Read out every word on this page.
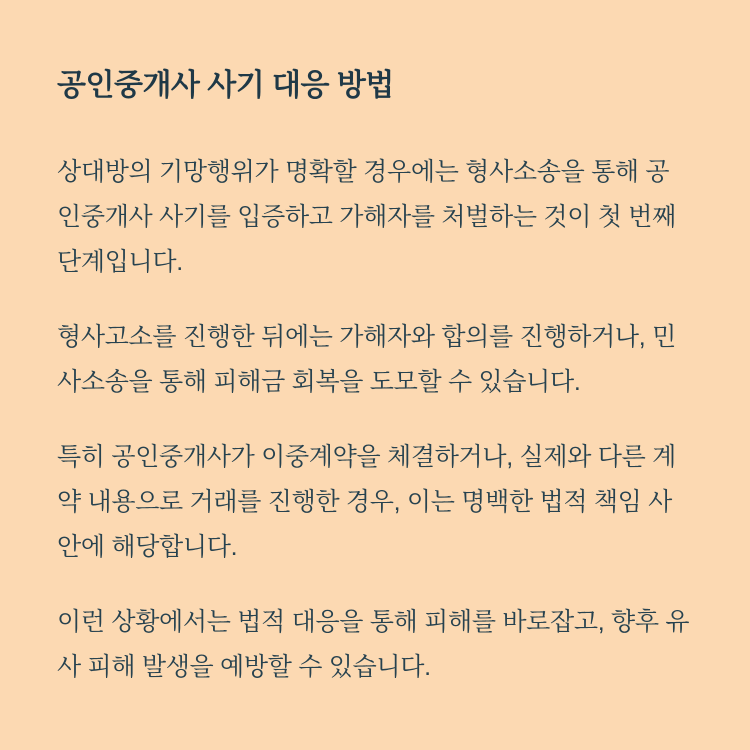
공인중개사 사기 대응 방법

상대방의 기망행위가 명확할 경우에는 형사소송을 통해 공인중개사 사기를 입증하고 가해자를 처벌하는 것이 첫 번째 단계입니다.

형사고소를 진행한 뒤에는 가해자와 합의를 진행하거나, 민사소송을 통해 피해금 회복을 도모할 수 있습니다.

특히 공인중개사가 이중계약을 체결하거나, 실제와 다른 계약 내용으로 거래를 진행한 경우, 이는 명백한 법적 책임 사안에 해당합니다.

이런 상황에서는 법적 대응을 통해 피해를 바로잡고, 향후 유사 피해 발생을 예방할 수 있습니다.
